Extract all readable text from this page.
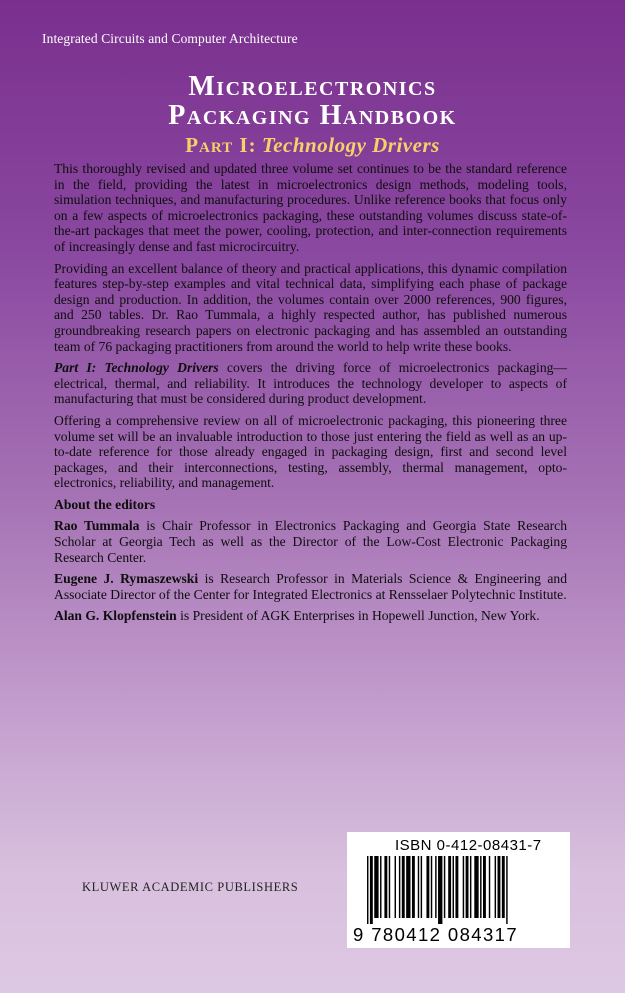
Integrated Circuits and Computer Architecture
Microelectronics
Packaging Handbook
Part I: Technology Drivers

This thoroughly revised and updated three volume set continues to be the standard reference in the field, providing the latest in microelectronics design methods, modeling tools, simulation techniques, and manufacturing procedures. Unlike reference books that focus only on a few aspects of microelectronics packaging, these outstanding volumes discuss state-of-the-art packages that meet the power, cooling, protection, and inter-connection requirements of increasingly dense and fast microcircuitry.

Providing an excellent balance of theory and practical applications, this dynamic compilation features step-by-step examples and vital technical data, simplifying each phase of package design and production. In addition, the volumes contain over 2000 references, 900 figures, and 250 tables. Dr. Rao Tummala, a highly respected author, has published numerous groundbreaking research papers on electronic packaging and has assembled an outstanding team of 76 packaging practitioners from around the world to help write these books.

Part I: Technology Drivers covers the driving force of microelectronics packaging—electrical, thermal, and reliability. It introduces the technology developer to aspects of manufacturing that must be considered during product development.

Offering a comprehensive review on all of microelectronic packaging, this pioneering three volume set will be an invaluable introduction to those just entering the field as well as an up-to-date reference for those already engaged in packaging design, first and second level packages, and their interconnections, testing, assembly, thermal management, opto-electronics, reliability, and management.

About the editors

Rao Tummala is Chair Professor in Electronics Packaging and Georgia State Research Scholar at Georgia Tech as well as the Director of the Low-Cost Electronic Packaging Research Center.

Eugene J. Rymaszewski is Research Professor in Materials Science & Engineering and Associate Director of the Center for Integrated Electronics at Rensselaer Polytechnic Institute.

Alan G. Klopfenstein is President of AGK Enterprises in Hopewell Junction, New York.

KLUWER ACADEMIC PUBLISHERS
ISBN 0-412-08431-7
9 780412 084317
